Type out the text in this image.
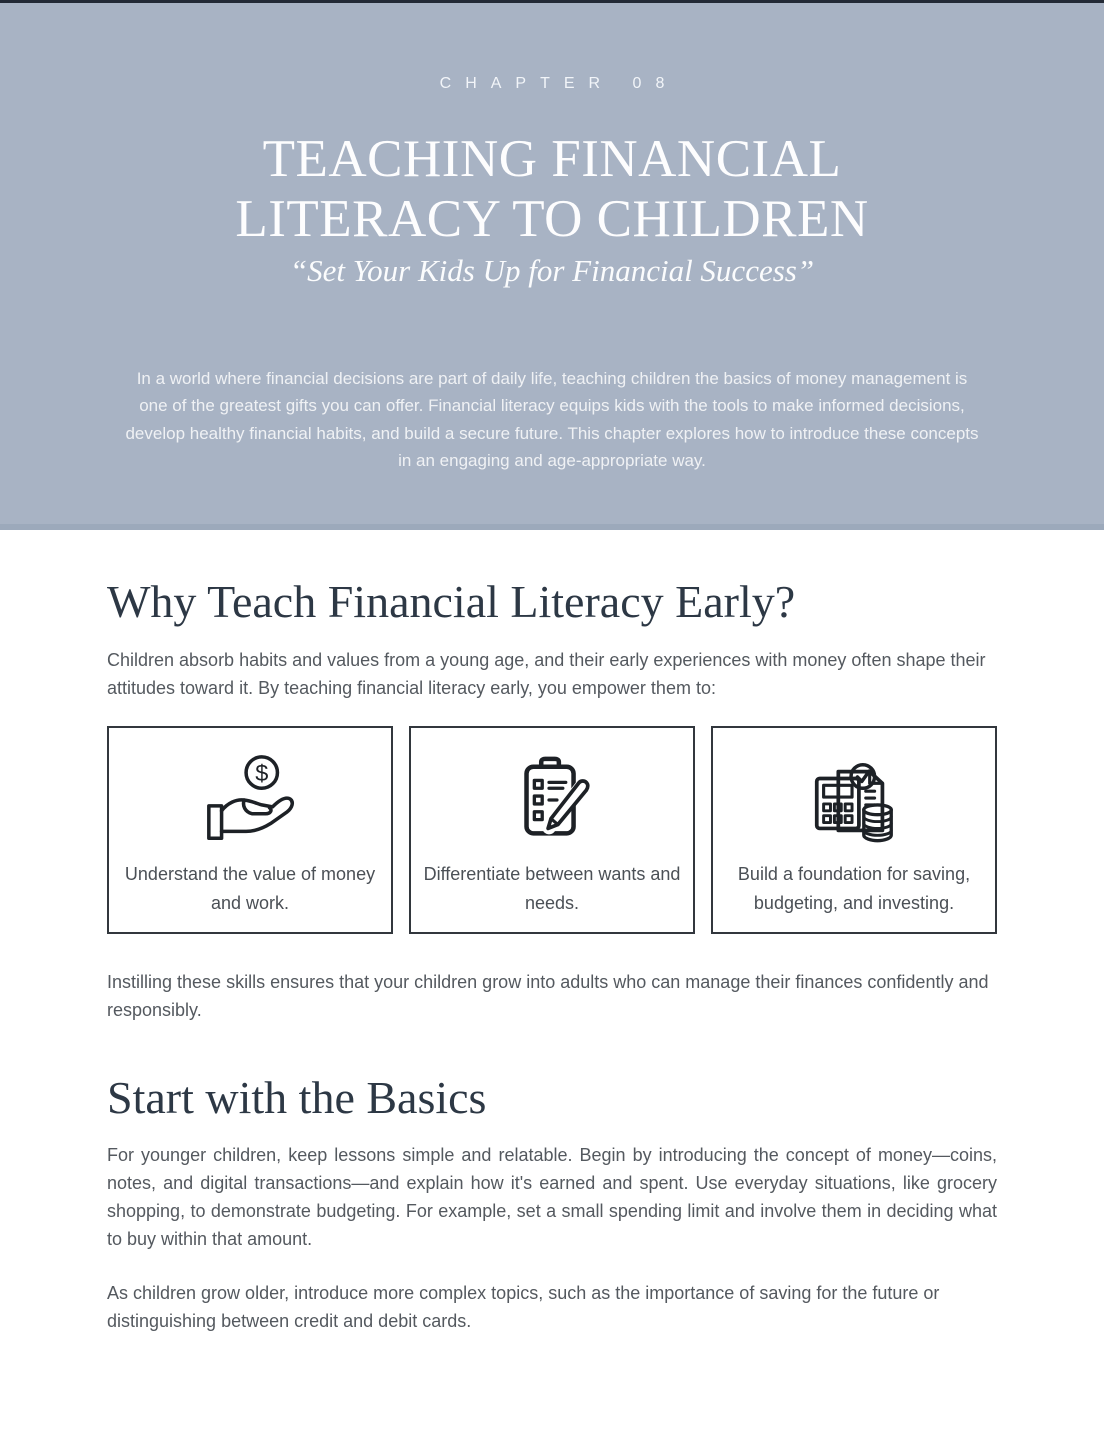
CHAPTER 08
TEACHING FINANCIAL
LITERACY TO CHILDREN
“Set Your Kids Up for Financial Success”

In a world where financial decisions are part of daily life, teaching children the basics of money management is one of the greatest gifts you can offer. Financial literacy equips kids with the tools to make informed decisions, develop healthy financial habits, and build a secure future. This chapter explores how to introduce these concepts in an engaging and age-appropriate way.

Why Teach Financial Literacy Early?

Children absorb habits and values from a young age, and their early experiences with money often shape their attitudes toward it. By teaching financial literacy early, you empower them to:

$
Understand the value of money and work.
Differentiate between wants and needs.
Build a foundation for saving, budgeting, and investing.

Instilling these skills ensures that your children grow into adults who can manage their finances confidently and responsibly.

Start with the Basics

For younger children, keep lessons simple and relatable. Begin by introducing the concept of money—coins, notes, and digital transactions—and explain how it's earned and spent. Use everyday situations, like grocery shopping, to demonstrate budgeting. For example, set a small spending limit and involve them in deciding what to buy within that amount.

As children grow older, introduce more complex topics, such as the importance of saving for the future or distinguishing between credit and debit cards.
